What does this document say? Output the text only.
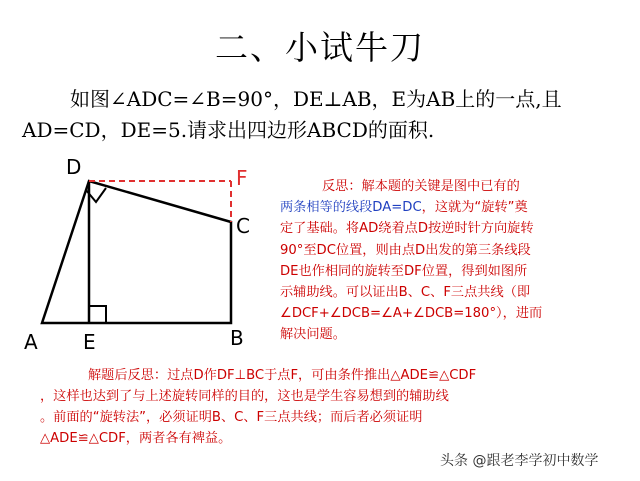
二、小试牛刀
如图∠ADC=∠B=90°，DE⊥AB，E为AB上的一点,且
AD=CD，DE=5.请求出四边形ABCD的面积.
D	F
C
A E	B
反思：解本题的关键是图中已有的
两条相等的线段DA=DC，这就为“旋转”奠
定了基础。将AD绕着点D按逆时针方向旋转
90°至DC位置，则由点D出发的第三条线段
DE也作相同的旋转至DF位置，得到如图所
示辅助线。可以证出B、C、F三点共线（即
∠DCF+∠DCB=∠A+∠DCB=180°），进而
解决问题。
解题后反思：过点D作DF⊥BC于点F，可由条件推出△ADE≌△CDF
，这样也达到了与上述旋转同样的目的，这也是学生容易想到的辅助线
。前面的“旋转法”，必须证明B、C、F三点共线；而后者必须证明
△ADE≌△CDF，两者各有裨益。
头条 @跟老李学初中数学
